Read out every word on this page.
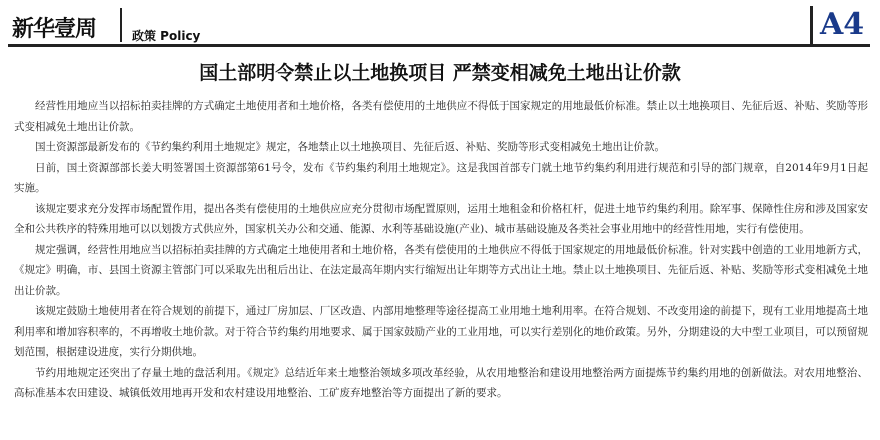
新华壹周	政策 Policy	A4
国土部明令禁止以土地换项目 严禁变相减免土地出让价款

经营性用地应当以招标拍卖挂牌的方式确定土地使用者和土地价格，各类有偿使用的土地供应不得低于国家规定的用地最低价标准。禁止以土地换项目、先征后返、补贴、奖励等形式变相减免土地出让价款。

国土资源部最新发布的《节约集约利用土地规定》规定，各地禁止以土地换项目、先征后返、补贴、奖励等形式变相减免土地出让价款。

日前，国土资源部部长姜大明签署国土资源部第61号令，发布《节约集约利用土地规定》。这是我国首部专门就土地节约集约利用进行规范和引导的部门规章，自2014年9月1日起实施。

该规定要求充分发挥市场配置作用，提出各类有偿使用的土地供应应充分贯彻市场配置原则，运用土地租金和价格杠杆，促进土地节约集约利用。除军事、保障性住房和涉及国家安全和公共秩序的特殊用地可以以划拨方式供应外，国家机关办公和交通、能源、水利等基础设施(产业)、城市基础设施及各类社会事业用地中的经营性用地，实行有偿使用。

规定强调，经营性用地应当以招标拍卖挂牌的方式确定土地使用者和土地价格，各类有偿使用的土地供应不得低于国家规定的用地最低价标准。针对实践中创造的工业用地新方式，《规定》明确，市、县国土资源主管部门可以采取先出租后出让、在法定最高年期内实行缩短出让年期等方式出让土地。禁止以土地换项目、先征后返、补贴、奖励等形式变相减免土地出让价款。

该规定鼓励土地使用者在符合规划的前提下，通过厂房加层、厂区改造、内部用地整理等途径提高工业用地土地利用率。在符合规划、不改变用途的前提下，现有工业用地提高土地利用率和增加容积率的，不再增收土地价款。对于符合节约集约用地要求、属于国家鼓励产业的工业用地，可以实行差别化的地价政策。另外，分期建设的大中型工业项目，可以预留规划范围，根据建设进度，实行分期供地。

节约用地规定还突出了存量土地的盘活利用。《规定》总结近年来土地整治领域多项改革经验，从农用地整治和建设用地整治两方面提炼节约集约用地的创新做法。对农用地整治、高标准基本农田建设、城镇低效用地再开发和农村建设用地整治、工矿废弃地整治等方面提出了新的要求。
